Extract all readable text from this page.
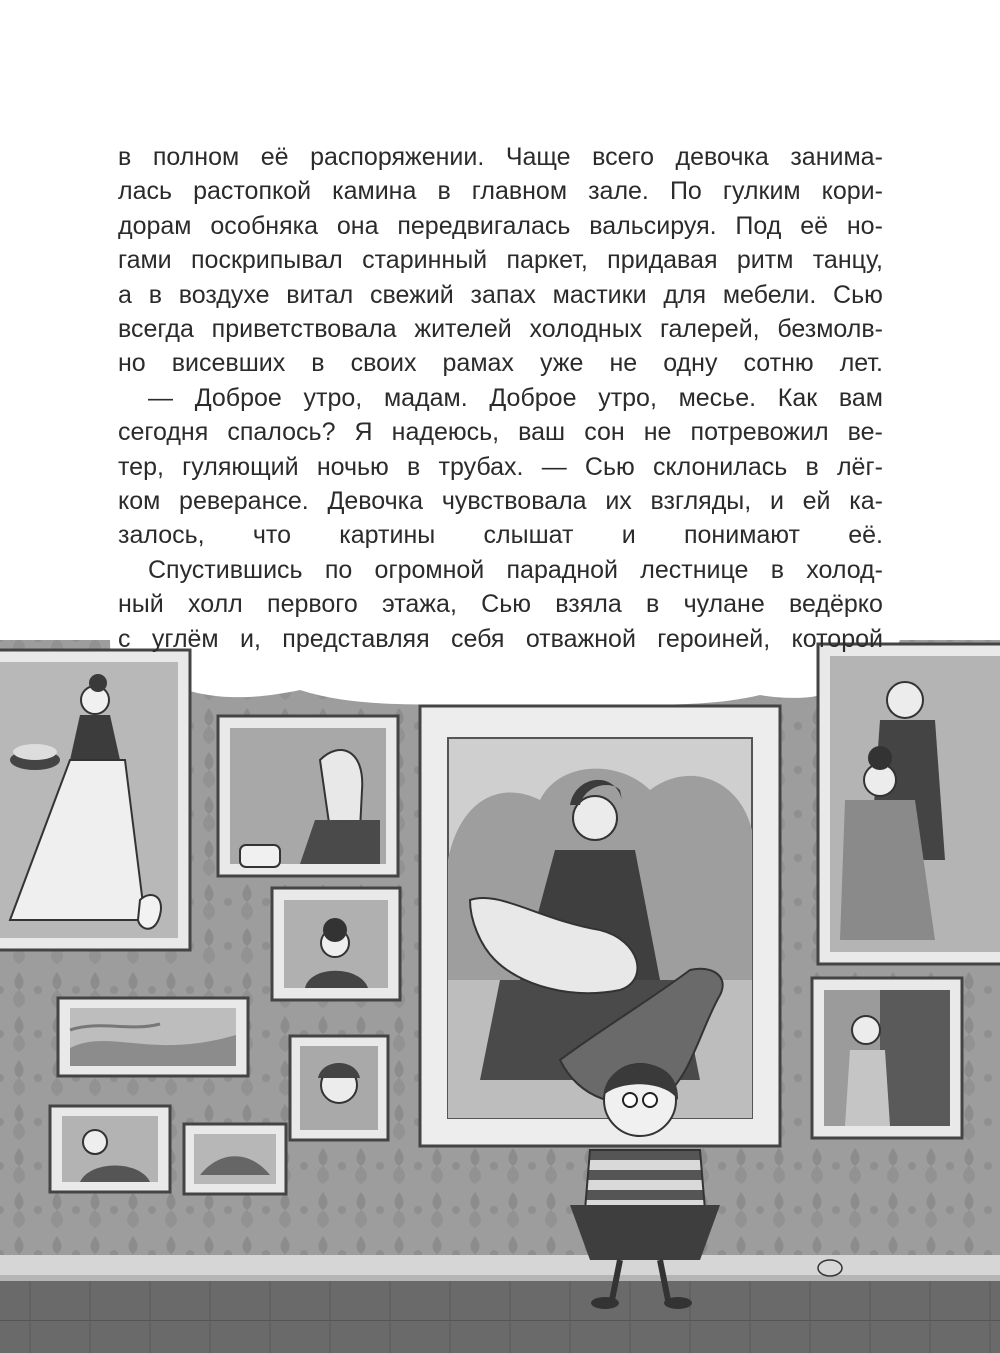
в полном её распоряжении. Чаще всего девочка занима-
лась растопкой камина в главном зале. По гулким кори-
дорам особняка она передвигалась вальсируя. Под её но-
гами поскрипывал старинный паркет, придавая ритм танцу,
а в воздухе витал свежий запах мастики для мебели. Сью
всегда приветствовала жителей холодных галерей, безмолв-
но висевших в своих рамах уже не одну сотню лет.

— Доброе утро, мадам. Доброе утро, месье. Как вам
сегодня спалось? Я надеюсь, ваш сон не потревожил ве-
тер, гуляющий ночью в трубах. — Сью склонилась в лёг-
ком реверансе. Девочка чувствовала их взгляды, и ей ка-
залось, что картины слышат и понимают её.

Спустившись по огромной парадной лестнице в холод-
ный холл первого этажа, Сью взяла в чулане ведёрко
с углём и, представляя себя отважной героиней, которой
